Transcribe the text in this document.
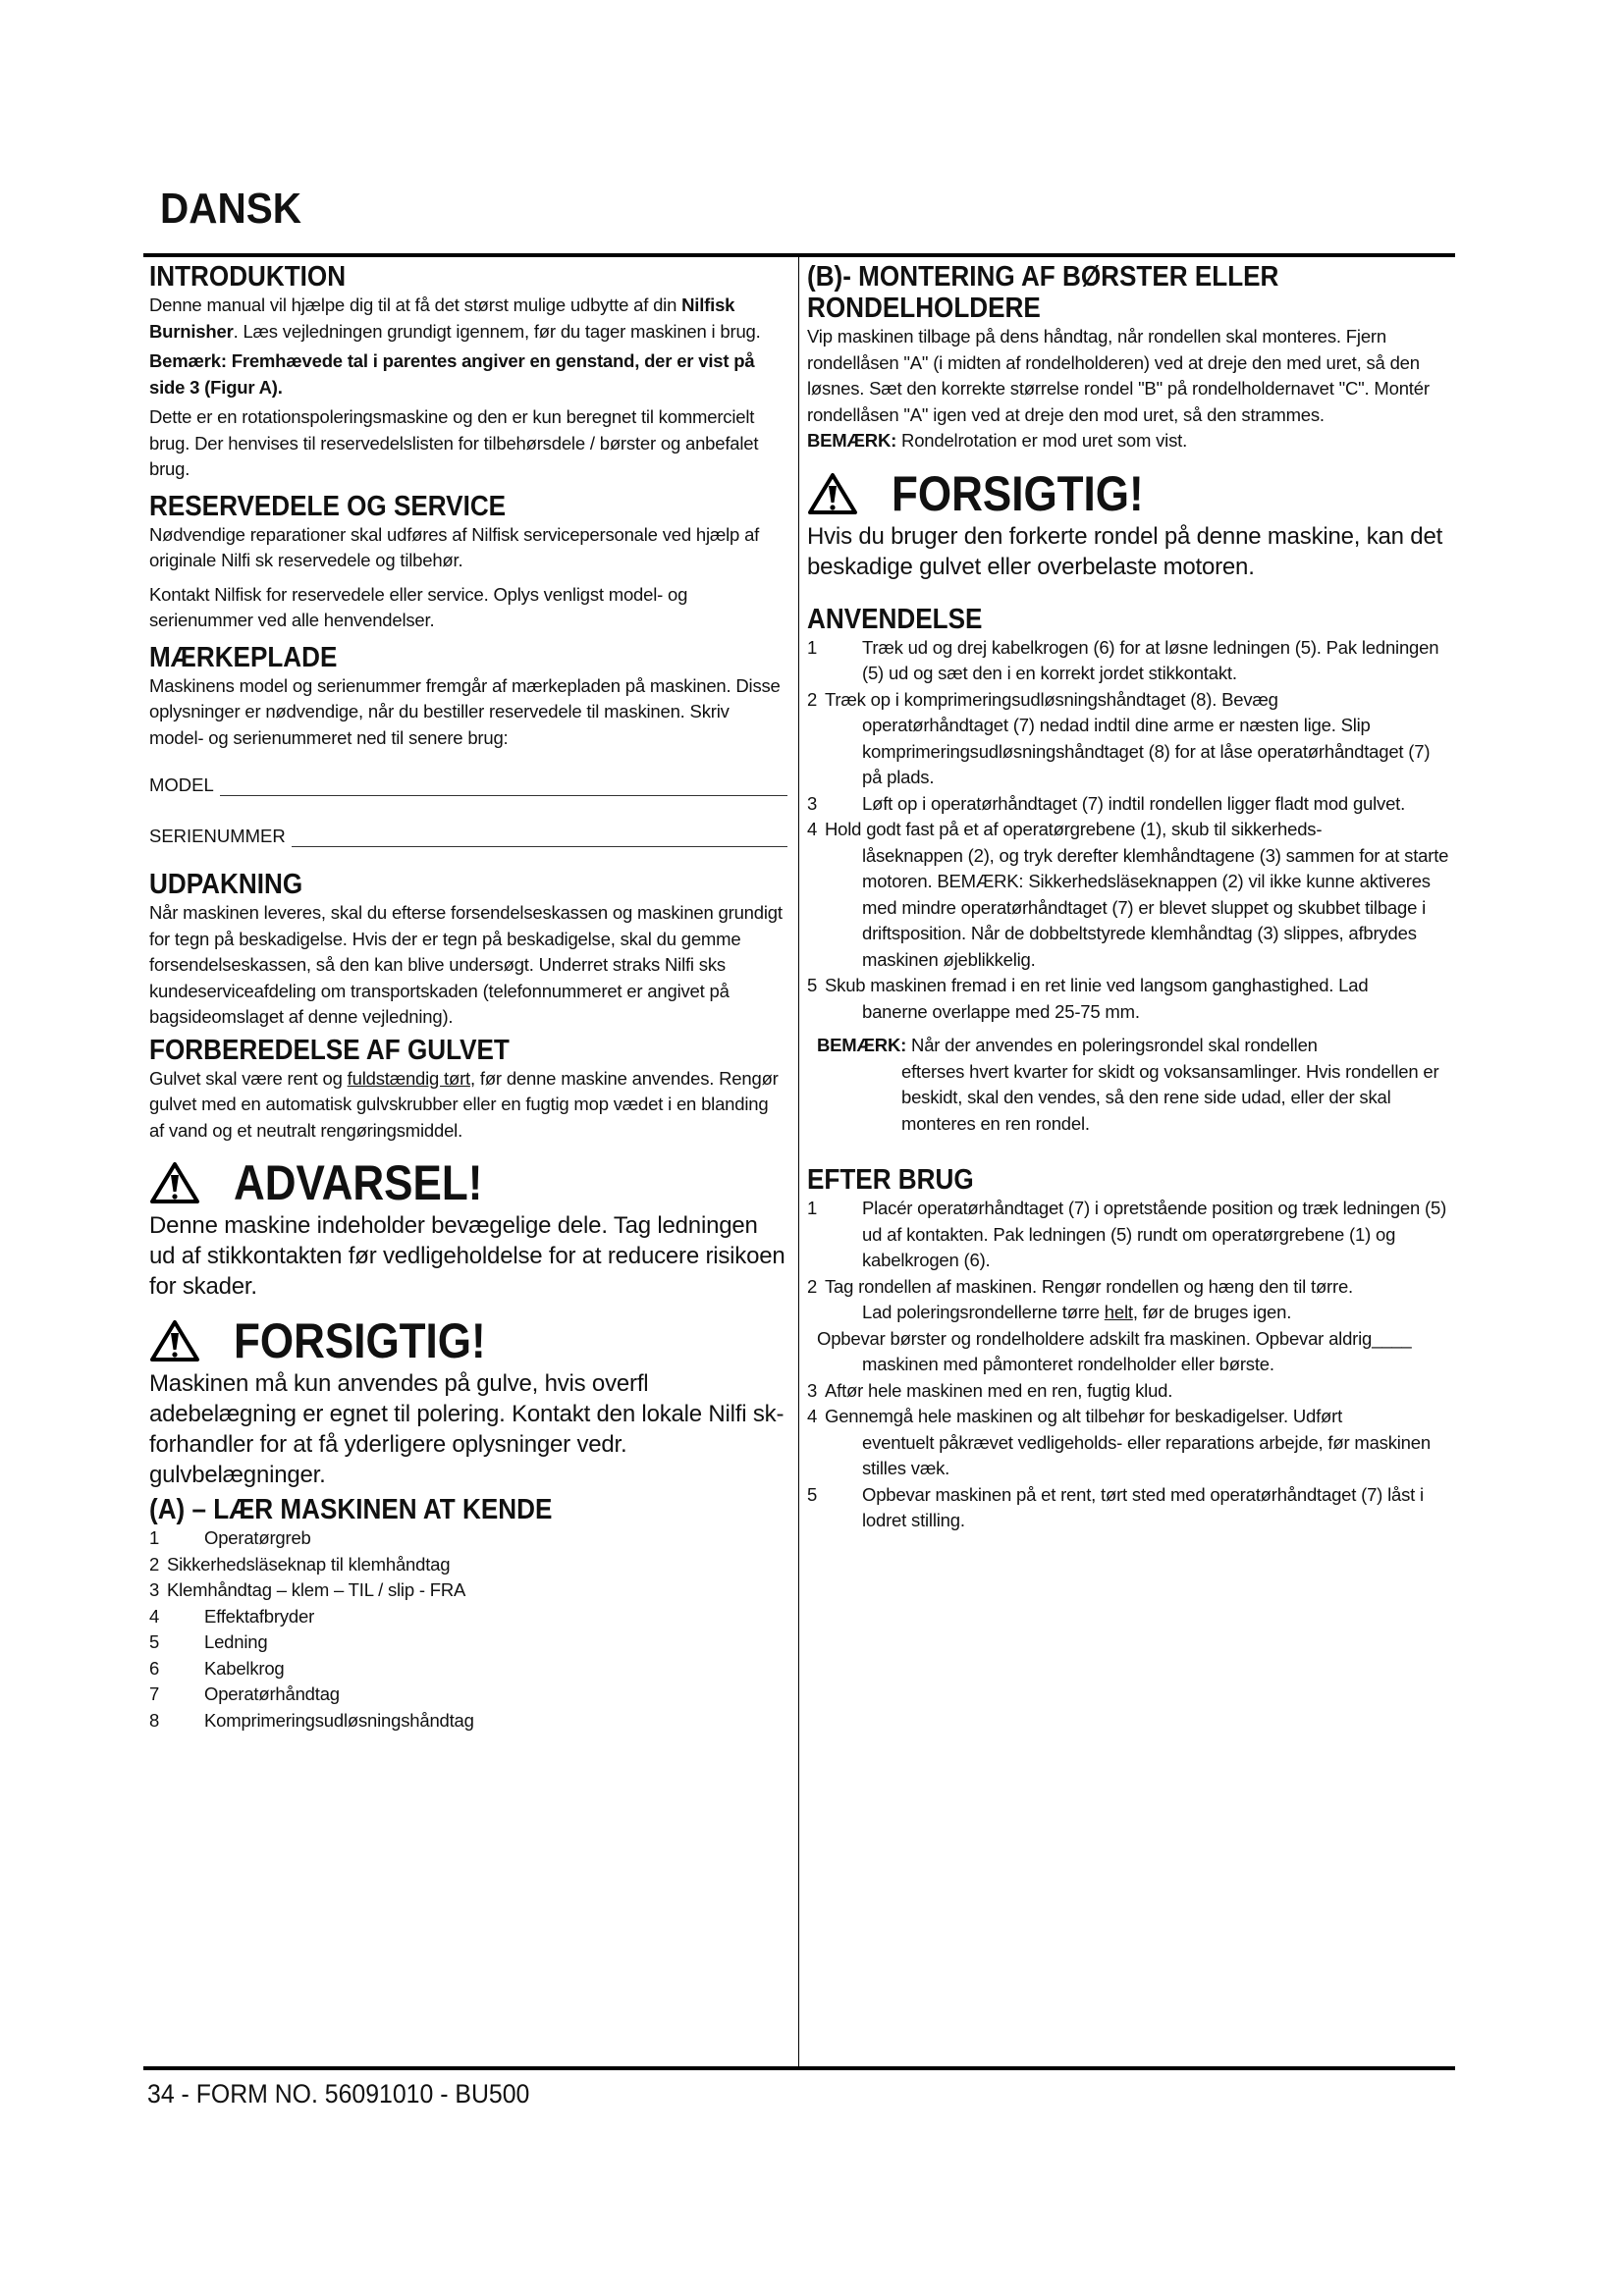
DANSK
INTRODUKTION

Denne manual vil hjælpe dig til at få det størst mulige udbytte af din Nilfisk Burnisher. Læs vejledningen grundigt igennem, før du tager maskinen i brug.

Bemærk: Fremhævede tal i parentes angiver en genstand, der er vist på side 3 (Figur A).

Dette er en rotationspoleringsmaskine og den er kun beregnet til kommercielt brug. Der henvises til reservedelslisten for tilbehørsdele / børster og anbefalet brug.

RESERVEDELE OG SERVICE

Nødvendige reparationer skal udføres af Nilfisk servicepersonale ved hjælp af originale Nilfi sk reservedele og tilbehør.

Kontakt Nilfisk for reservedele eller service. Oplys venligst model- og serienummer ved alle henvendelser.

MÆRKEPLADE

Maskinens model og serienummer fremgår af mærkepladen på maskinen. Disse oplysninger er nødvendige, når du bestiller reservedele til maskinen. Skriv model- og serienummeret ned til senere brug:

MODEL
SERIENUMMER
UDPAKNING

Når maskinen leveres, skal du efterse forsendelseskassen og maskinen grundigt for tegn på beskadigelse. Hvis der er tegn på beskadigelse, skal du gemme forsendelseskassen, så den kan blive undersøgt. Underret straks Nilfi sks kundeserviceafdeling om transportskaden (telefonnummeret er angivet på bagsideomslaget af denne vejledning).

FORBEREDELSE AF GULVET

Gulvet skal være rent og fuldstændig tørt, før denne maskine anvendes. Rengør gulvet med en automatisk gulvskrubber eller en fugtig mop vædet i en blanding af vand og et neutralt rengøringsmiddel.

ADVARSEL!

Denne maskine indeholder bevægelige dele. Tag ledningen ud af stikkontakten før vedligeholdelse for at reducere risikoen for skader.

FORSIGTIG!

Maskinen må kun anvendes på gulve, hvis overfl adebelægning er egnet til polering. Kontakt den lokale Nilfi sk-forhandler for at få yderligere oplysninger vedr. gulvbelægninger.

(A) – LÆR MASKINEN AT KENDE
1	Operatørgreb
2 Sikkerhedsläseknap til klemhåndtag
3 Klemhåndtag – klem – TIL / slip - FRA
4	Effektafbryder
5	Ledning
6	Kabelkrog
7	Operatørhåndtag
8	Komprimeringsudløsningshåndtag
(B)- MONTERING AF BØRSTER ELLER
RONDELHOLDERE

Vip maskinen tilbage på dens håndtag, når rondellen skal monteres. Fjern rondellåsen "A" (i midten af rondelholderen) ved at dreje den med uret, så den løsnes. Sæt den korrekte størrelse rondel "B" på rondelholdernavet "C". Montér rondellåsen "A" igen ved at dreje den mod uret, så den strammes.

BEMÆRK: Rondelrotation er mod uret som vist.

FORSIGTIG!

Hvis du bruger den forkerte rondel på denne maskine, kan det beskadige gulvet eller overbelaste motoren.

ANVENDELSE
1	Træk ud og drej kabelkrogen (6) for at løsne ledningen (5). Pak ledningen (5) ud og sæt den i en korrekt jordet stikkontakt.
2 Træk op i komprimeringsudløsningshåndtaget (8). Bevæg
operatørhåndtaget (7) nedad indtil dine arme er næsten lige. Slip komprimeringsudløsningshåndtaget (8) for at låse operatørhåndtaget (7) på plads.
3	Løft op i operatørhåndtaget (7) indtil rondellen ligger fladt mod gulvet.
4 Hold godt fast på et af operatørgrebene (1), skub til sikkerheds-
låseknappen (2), og tryk derefter klemhåndtagene (3) sammen for at starte motoren. BEMÆRK: Sikkerhedsläseknappen (2) vil ikke kunne aktiveres med mindre operatørhåndtaget (7) er blevet sluppet og skubbet tilbage i driftsposition. Når de dobbeltstyrede klemhåndtag (3) slippes, afbrydes maskinen øjeblikkelig.
5 Skub maskinen fremad i en ret linie ved langsom ganghastighed. Lad
banerne overlappe med 25-75 mm.

BEMÆRK: Når der anvendes en poleringsrondel skal rondellen

efterses hvert kvarter for skidt og voksansamlinger. Hvis rondellen er beskidt, skal den vendes, så den rene side udad, eller der skal monteres en ren rondel.

EFTER BRUG
1	Placér operatørhåndtaget (7) i opretstående position og træk ledningen (5) ud af kontakten. Pak ledningen (5) rundt om operatørgrebene (1) og kabelkrogen (6).
2 Tag rondellen af maskinen. Rengør rondellen og hæng den til tørre.
Lad poleringsrondellerne tørre helt, før de bruges igen.

Opbevar børster og rondelholdere adskilt fra maskinen. Opbevar aldrig____

maskinen med påmonteret rondelholder eller børste.

3 Aftør hele maskinen med en ren, fugtig klud.
4 Gennemgå hele maskinen og alt tilbehør for beskadigelser. Udført
eventuelt påkrævet vedligeholds- eller reparations arbejde, før maskinen stilles væk.
5	Opbevar maskinen på et rent, tørt sted med operatørhåndtaget (7) låst i lodret stilling.
34 - FORM NO. 56091010 - BU500
